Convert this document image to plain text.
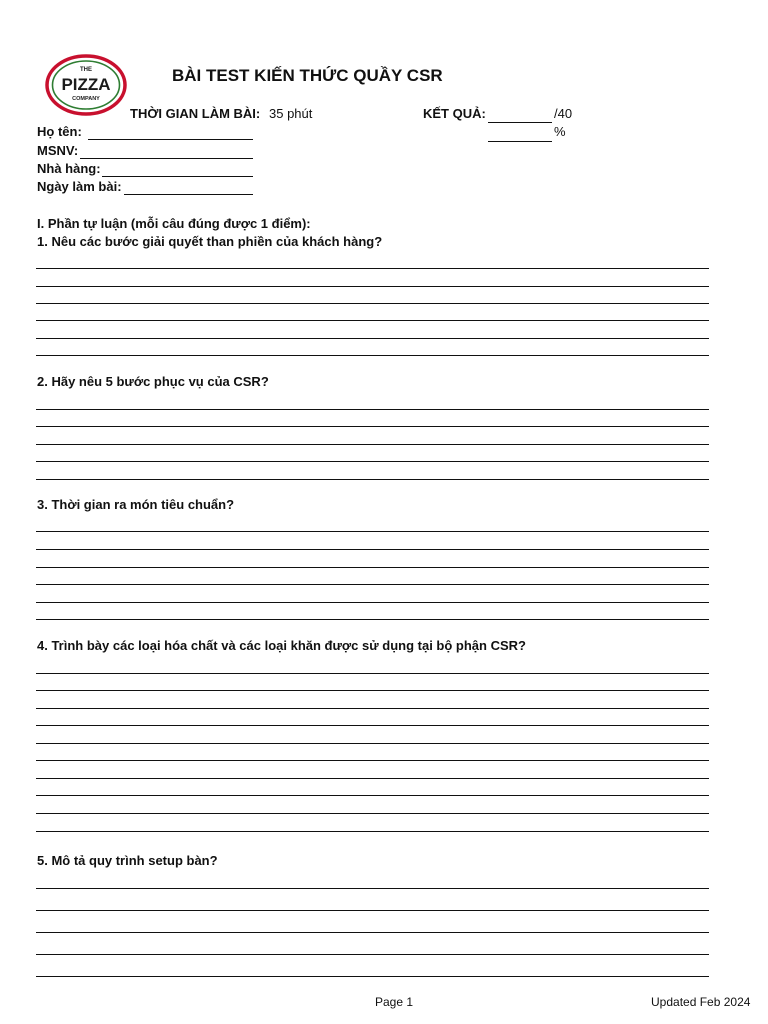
THE
PIZZA
COMPANY
BÀI TEST KIẾN THỨC QUẦY CSR
THỜI GIAN LÀM BÀI: 35 phút	KẾT QUẢ:	/40
%
Họ tên:
MSNV:
Nhà hàng:
Ngày làm bài:
I. Phần tự luận (mỗi câu đúng được 1 điểm):
1. Nêu các bước giải quyết than phiền của khách hàng?
2. Hãy nêu 5 bước phục vụ của CSR?
3. Thời gian ra món tiêu chuẩn?
4. Trình bày các loại hóa chất và các loại khăn được sử dụng tại bộ phận CSR?
5. Mô tả quy trình setup bàn?
Page 1	Updated Feb 2024
